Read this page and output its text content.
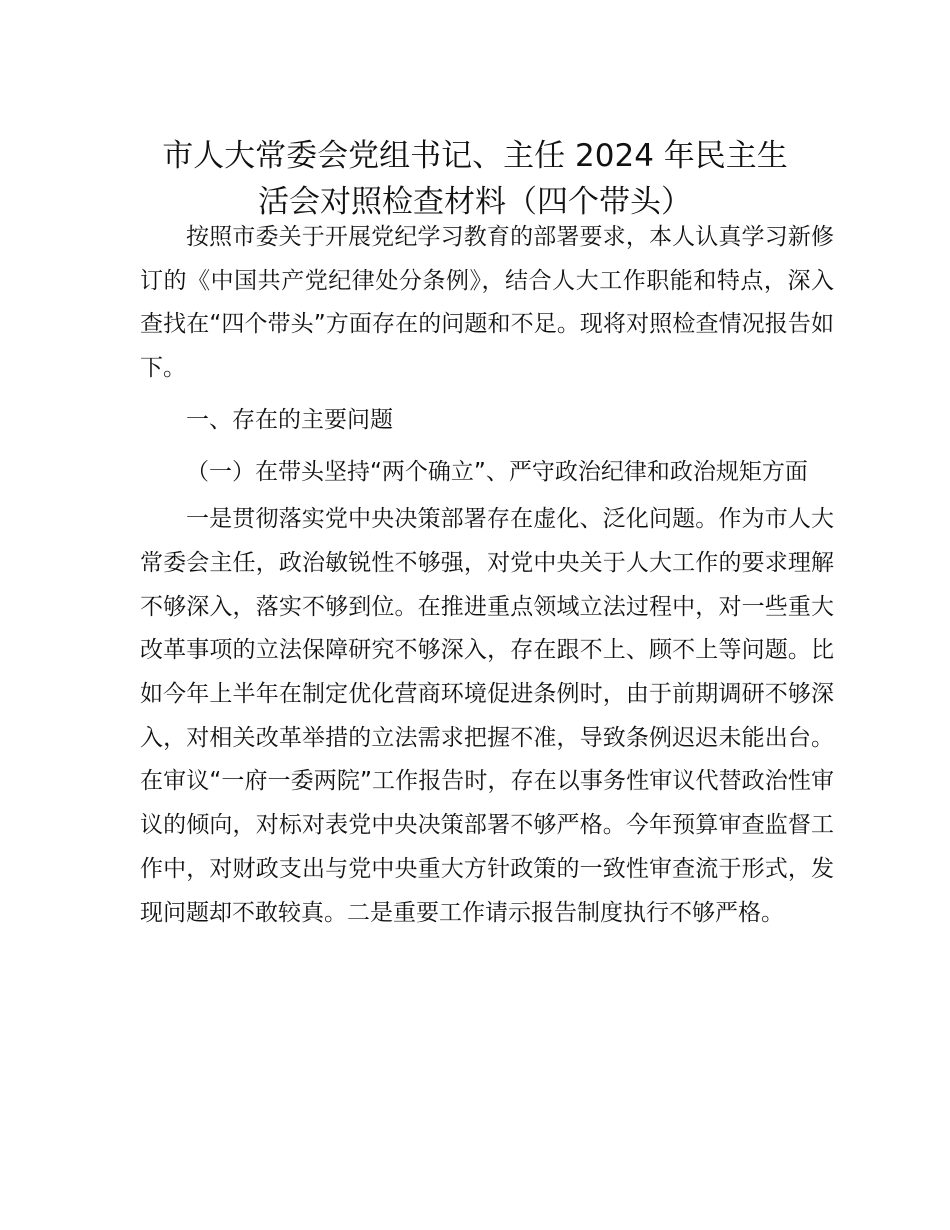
市人大常委会党组书记、主任 2024 年民主生
活会对照检查材料（四个带头）

按照市委关于开展党纪学习教育的部署要求，本人认真学习新修订的《中国共产党纪律处分条例》，结合人大工作职能和特点，深入查找在“四个带头”方面存在的问题和不足。现将对照检查情况报告如下。

一、存在的主要问题

（一）在带头坚持“两个确立”、严守政治纪律和政治规矩方面

一是贯彻落实党中央决策部署存在虚化、泛化问题。作为市人大常委会主任，政治敏锐性不够强，对党中央关于人大工作的要求理解不够深入，落实不够到位。在推进重点领域立法过程中，对一些重大改革事项的立法保障研究不够深入，存在跟不上、顾不上等问题。比如今年上半年在制定优化营商环境促进条例时，由于前期调研不够深入，对相关改革举措的立法需求把握不准，导致条例迟迟未能出台。在审议“一府一委两院”工作报告时，存在以事务性审议代替政治性审议的倾向，对标对表党中央决策部署不够严格。今年预算审查监督工作中，对财政支出与党中央重大方针政策的一致性审查流于形式，发现问题却不敢较真。二是重要工作请示报告制度执行不够严格。
